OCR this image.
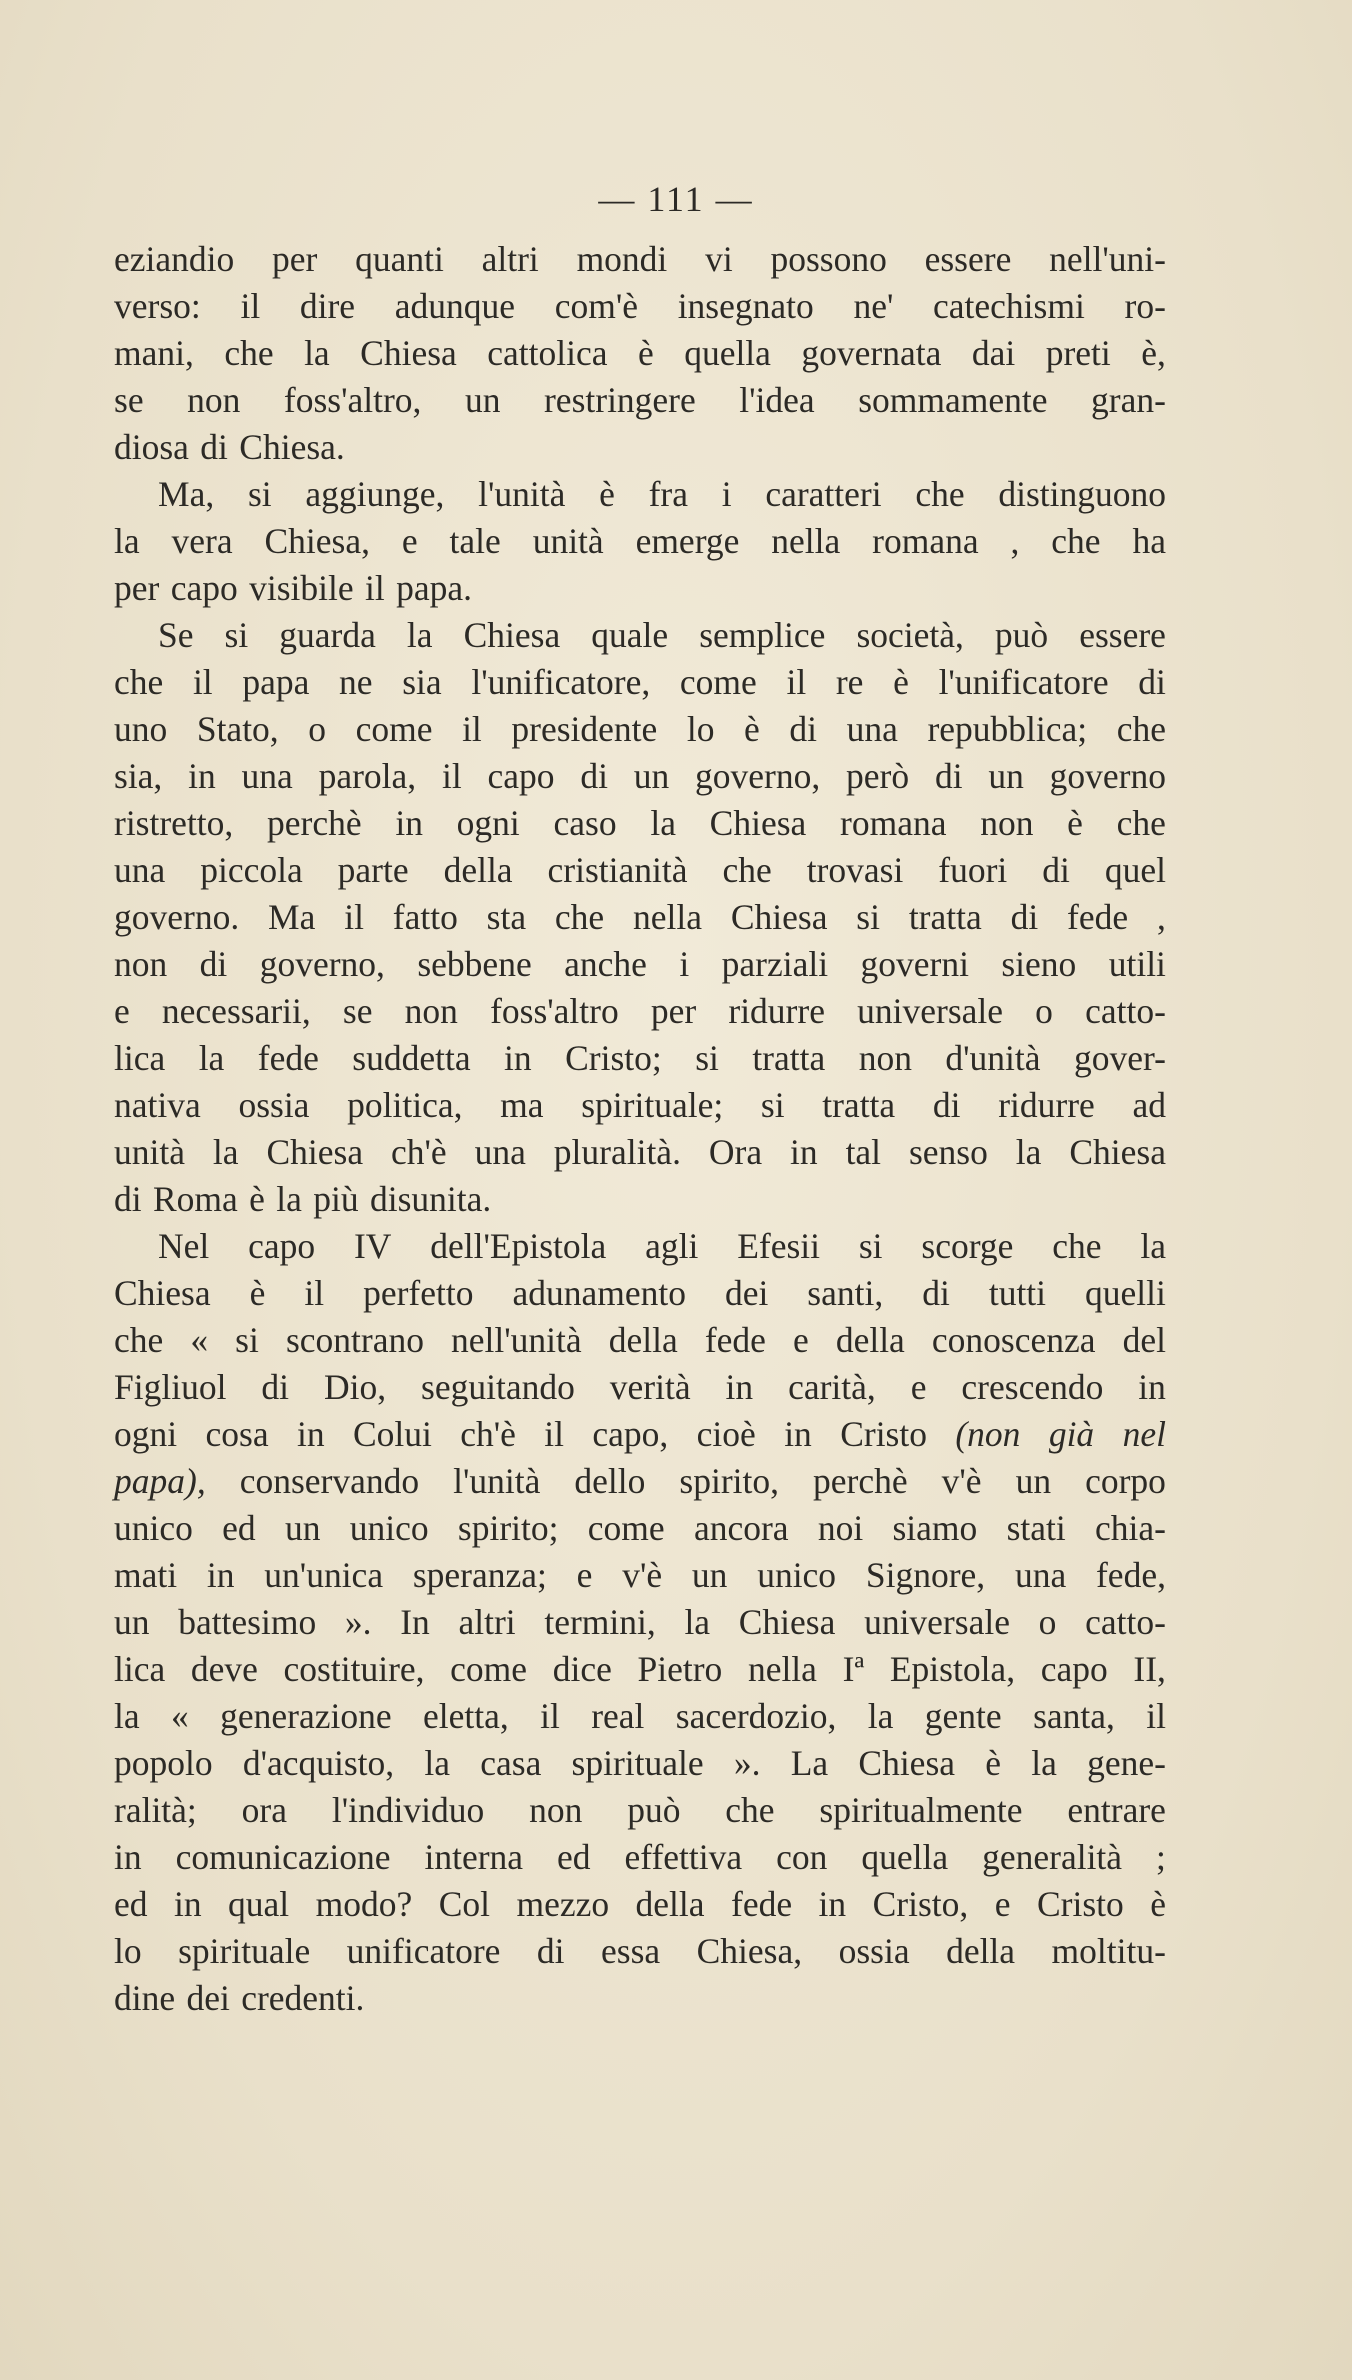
— 111 —
eziandio per quanti altri mondi vi possono essere nell'uni-
verso: il dire adunque com'è insegnato ne' catechismi ro-
mani, che la Chiesa cattolica è quella governata dai preti è,
se non foss'altro, un restringere l'idea sommamente gran-
diosa di Chiesa.
Ma, si aggiunge, l'unità è fra i caratteri che distinguono
la vera Chiesa, e tale unità emerge nella romana , che ha
per capo visibile il papa.
Se si guarda la Chiesa quale semplice società, può essere
che il papa ne sia l'unificatore, come il re è l'unificatore di
uno Stato, o come il presidente lo è di una repubblica; che
sia, in una parola, il capo di un governo, però di un governo
ristretto, perchè in ogni caso la Chiesa romana non è che
una piccola parte della cristianità che trovasi fuori di quel
governo. Ma il fatto sta che nella Chiesa si tratta di fede ,
non di governo, sebbene anche i parziali governi sieno utili
e necessarii, se non foss'altro per ridurre universale o catto-
lica la fede suddetta in Cristo; si tratta non d'unità gover-
nativa ossia politica, ma spirituale; si tratta di ridurre ad
unità la Chiesa ch'è una pluralità. Ora in tal senso la Chiesa
di Roma è la più disunita.
Nel capo IV dell'Epistola agli Efesii si scorge che la
Chiesa è il perfetto adunamento dei santi, di tutti quelli
che « si scontrano nell'unità della fede e della conoscenza del
Figliuol di Dio, seguitando verità in carità, e crescendo in
ogni cosa in Colui ch'è il capo, cioè in Cristo (non già nel
papa), conservando l'unità dello spirito, perchè v'è un corpo
unico ed un unico spirito; come ancora noi siamo stati chia-
mati in un'unica speranza; e v'è un unico Signore, una fede,
un battesimo ». In altri termini, la Chiesa universale o catto-
lica deve costituire, come dice Pietro nella Iª Epistola, capo II,
la « generazione eletta, il real sacerdozio, la gente santa, il
popolo d'acquisto, la casa spirituale ». La Chiesa è la gene-
ralità; ora l'individuo non può che spiritualmente entrare
in comunicazione interna ed effettiva con quella generalità ;
ed in qual modo? Col mezzo della fede in Cristo, e Cristo è
lo spirituale unificatore di essa Chiesa, ossia della moltitu-
dine dei credenti.
